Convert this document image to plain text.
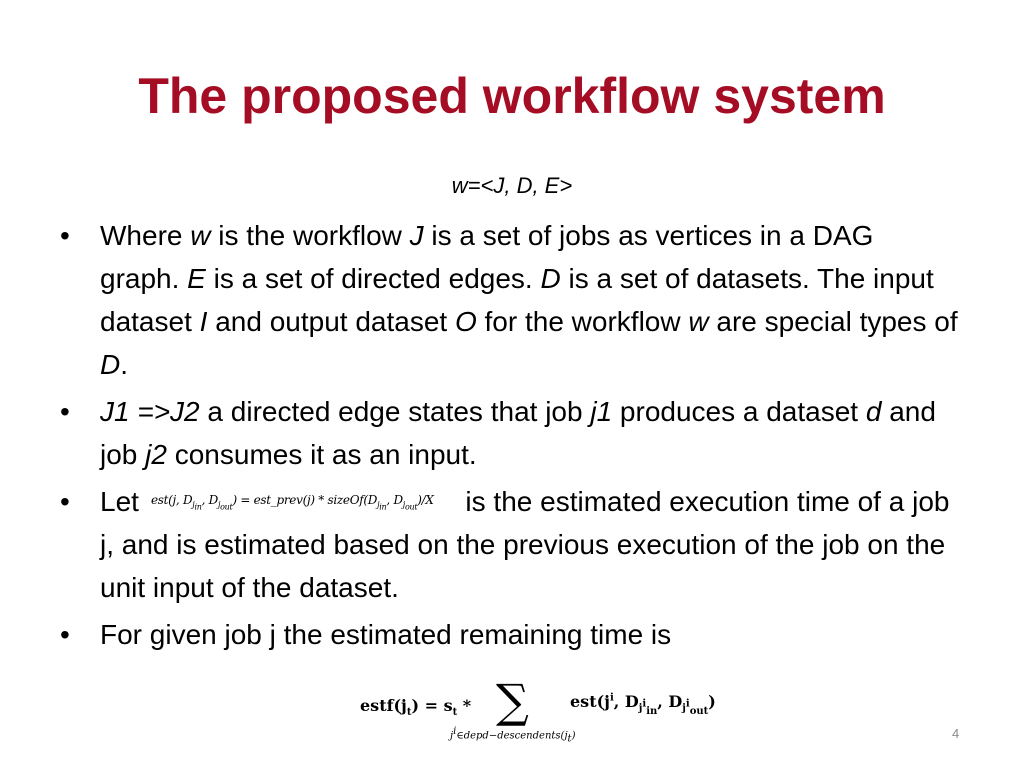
The proposed workflow system
w=<J, D, E>
• Where w is the workflow J is a set of jobs as vertices in a DAG graph. E is a set of directed edges. D is a set of datasets. The input dataset I and output dataset O for the workflow w are special types of D.
• J1 =>J2 a directed edge states that job j1 produces a dataset d and job j2 consumes it as an input.
• Let est(j, $D_{j_{in}}$, $D_{j_{out}}$) = est_prev(j) * $sizeOf(D_{j_{in}}$, $D_{j_{out}})/X$ is the estimated execution time of a job j, and is estimated based on the previous execution of the job on the unit input of the dataset.
• For given job j the estimated remaining time is
$estf(j_t) = s_t$ * ∑
$j^i\in depd-descendents(j_t)$
$est(j^i$, $D_{j^i_{in}}$, $D_{j^i_{out}}$)
4
